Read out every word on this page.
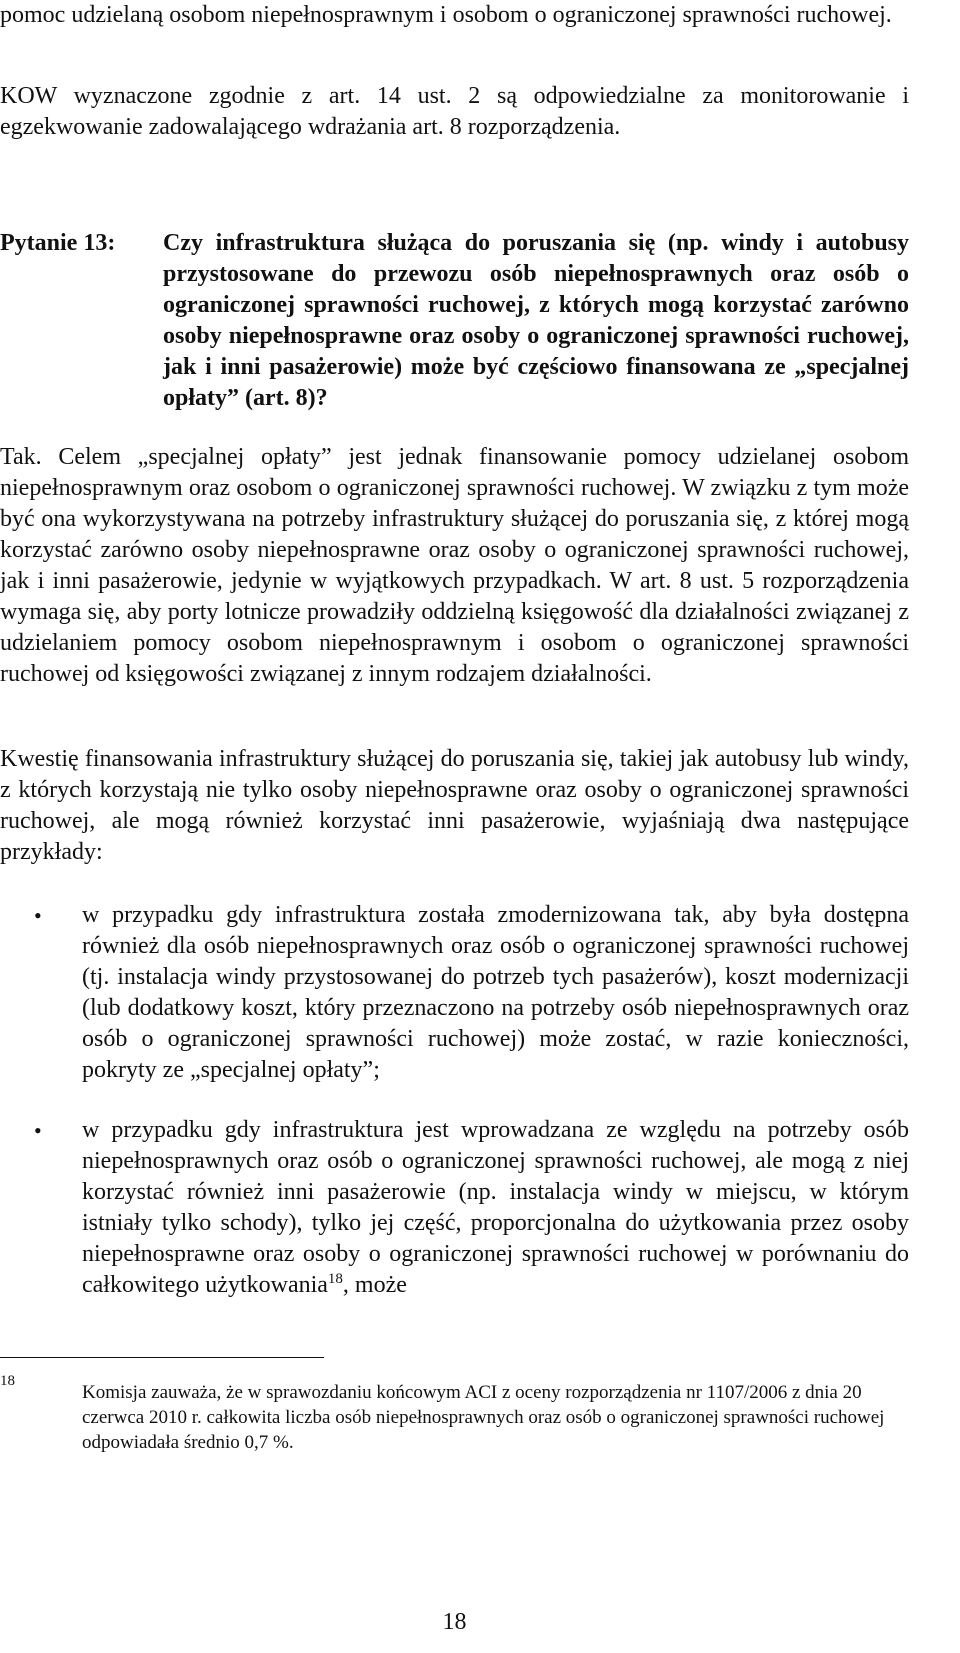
pomoc udzielaną osobom niepełnosprawnym i osobom o ograniczonej sprawności ruchowej.
KOW wyznaczone zgodnie z art. 14 ust. 2 są odpowiedzialne za monitorowanie i egzekwowanie zadowalającego wdrażania art. 8 rozporządzenia.
Pytanie 13: Czy infrastruktura służąca do poruszania się (np. windy i autobusy przystosowane do przewozu osób niepełnosprawnych oraz osób o ograniczonej sprawności ruchowej, z których mogą korzystać zarówno osoby niepełnosprawne oraz osoby o ograniczonej sprawności ruchowej, jak i inni pasażerowie) może być częściowo finansowana ze „specjalnej opłaty” (art. 8)?
Tak. Celem „specjalnej opłaty” jest jednak finansowanie pomocy udzielanej osobom niepełnosprawnym oraz osobom o ograniczonej sprawności ruchowej. W związku z tym może być ona wykorzystywana na potrzeby infrastruktury służącej do poruszania się, z której mogą korzystać zarówno osoby niepełnosprawne oraz osoby o ograniczonej sprawności ruchowej, jak i inni pasażerowie, jedynie w wyjątkowych przypadkach. W art. 8 ust. 5 rozporządzenia wymaga się, aby porty lotnicze prowadziły oddzielną księgowość dla działalności związanej z udzielaniem pomocy osobom niepełnosprawnym i osobom o ograniczonej sprawności ruchowej od księgowości związanej z innym rodzajem działalności.
Kwestię finansowania infrastruktury służącej do poruszania się, takiej jak autobusy lub windy, z których korzystają nie tylko osoby niepełnosprawne oraz osoby o ograniczonej sprawności ruchowej, ale mogą również korzystać inni pasażerowie, wyjaśniają dwa następujące przykłady:
• w przypadku gdy infrastruktura została zmodernizowana tak, aby była dostępna również dla osób niepełnosprawnych oraz osób o ograniczonej sprawności ruchowej (tj. instalacja windy przystosowanej do potrzeb tych pasażerów), koszt modernizacji (lub dodatkowy koszt, który przeznaczono na potrzeby osób niepełnosprawnych oraz osób o ograniczonej sprawności ruchowej) może zostać, w razie konieczności, pokryty ze „specjalnej opłaty”;
• w przypadku gdy infrastruktura jest wprowadzana ze względu na potrzeby osób niepełnosprawnych oraz osób o ograniczonej sprawności ruchowej, ale mogą z niej korzystać również inni pasażerowie (np. instalacja windy w miejscu, w którym istniały tylko schody), tylko jej część, proporcjonalna do użytkowania przez osoby niepełnosprawne oraz osoby o ograniczonej sprawności ruchowej w porównaniu do całkowitego użytkowania$^{18}$, może
18
Komisja zauważa, że w sprawozdaniu końcowym ACI z oceny rozporządzenia nr 1107/2006 z dnia 20 czerwca 2010 r. całkowita liczba osób niepełnosprawnych oraz osób o ograniczonej sprawności ruchowej odpowiadała średnio 0,7 %.
18
